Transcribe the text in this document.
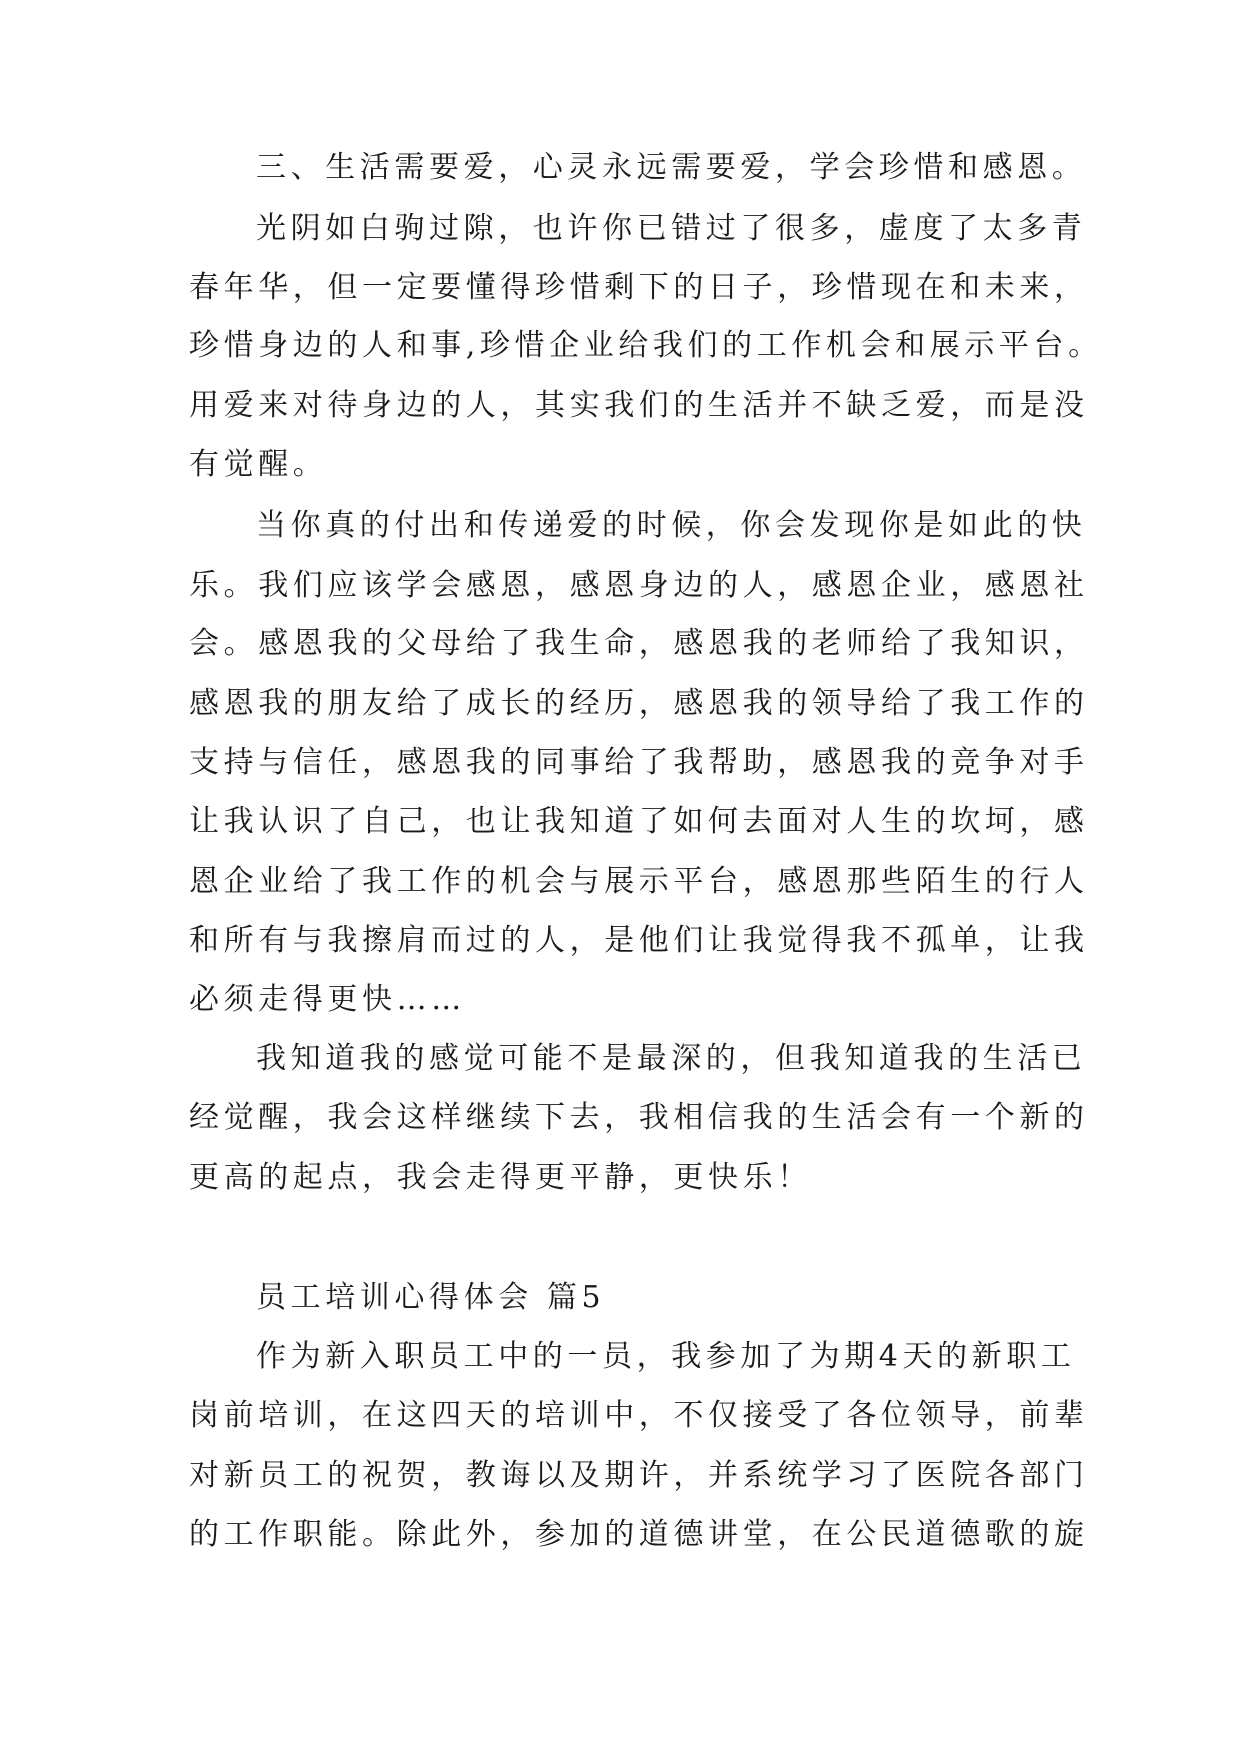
三、生活需要爱，心灵永远需要爱，学会珍惜和感恩。
光阴如白驹过隙，也许你已错过了很多，虚度了太多青
春年华，但一定要懂得珍惜剩下的日子，珍惜现在和未来，
珍惜身边的人和事,珍惜企业给我们的工作机会和展示平台。
用爱来对待身边的人，其实我们的生活并不缺乏爱，而是没
有觉醒。
当你真的付出和传递爱的时候，你会发现你是如此的快
乐。我们应该学会感恩，感恩身边的人，感恩企业，感恩社
会。感恩我的父母给了我生命，感恩我的老师给了我知识，
感恩我的朋友给了成长的经历，感恩我的领导给了我工作的
支持与信任，感恩我的同事给了我帮助，感恩我的竞争对手
让我认识了自己，也让我知道了如何去面对人生的坎坷，感
恩企业给了我工作的机会与展示平台，感恩那些陌生的行人
和所有与我擦肩而过的人，是他们让我觉得我不孤单，让我
必须走得更快……
我知道我的感觉可能不是最深的，但我知道我的生活已
经觉醒，我会这样继续下去，我相信我的生活会有一个新的
更高的起点，我会走得更平静，更快乐！
员工培训心得体会 篇5
作为新入职员工中的一员，我参加了为期4天的新职工
岗前培训，在这四天的培训中，不仅接受了各位领导，前辈
对新员工的祝贺，教诲以及期许，并系统学习了医院各部门
的工作职能。除此外，参加的道德讲堂，在公民道德歌的旋
